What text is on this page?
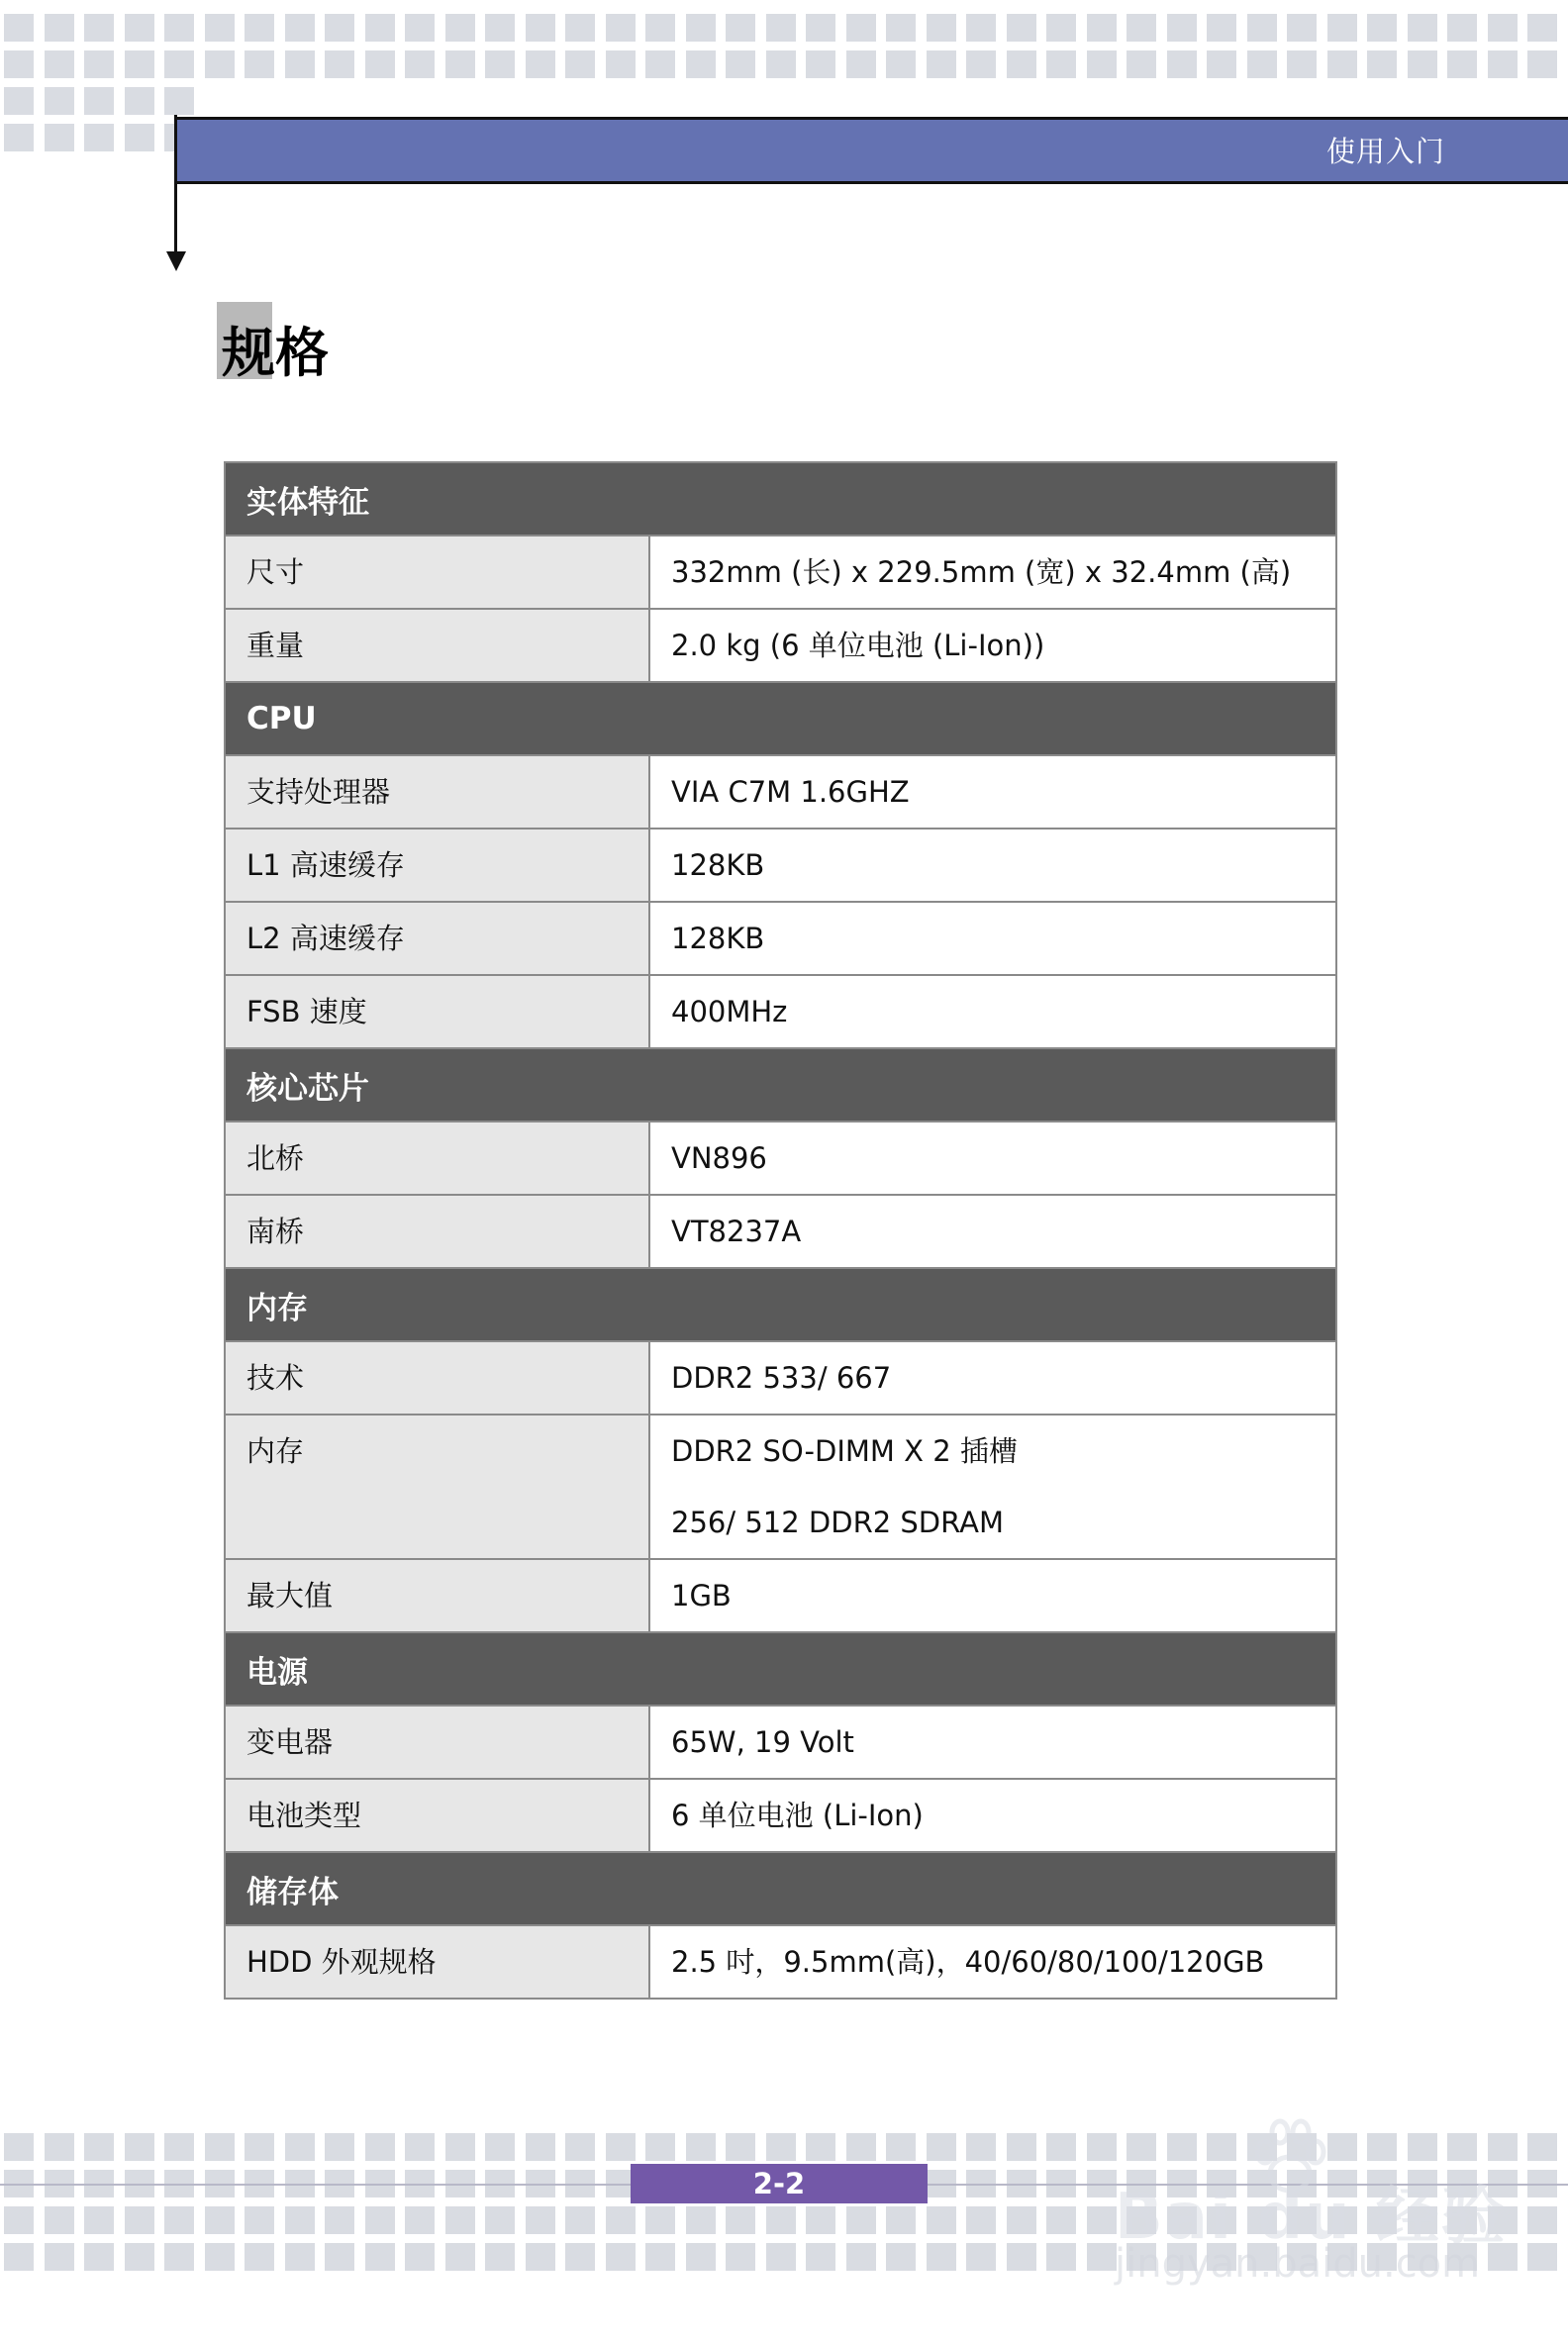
使用入门
规格
实体特征
尺寸	332mm (长) x 229.5mm (宽) x 32.4mm (高)
重量	2.0 kg (6 单位电池 (Li-Ion))
CPU
支持处理器	VIA C7M 1.6GHZ
L1 高速缓存	128KB
L2 高速缓存	128KB
FSB 速度	400MHz
核心芯片
北桥	VN896
南桥	VT8237A
内存
技术	DDR2 533/ 667
内存	DDR2 SO-DIMM X 2 插槽
256/ 512 DDR2 SDRAM
最大值	1GB
电源
变电器	65W, 19 Volt
电池类型	6 单位电池 (Li-Ion)
储存体
HDD 外观规格	2.5 吋，9.5mm(高)，40/60/80/100/120GB
2-2	Bai du 经验
jingyan.baidu.com
